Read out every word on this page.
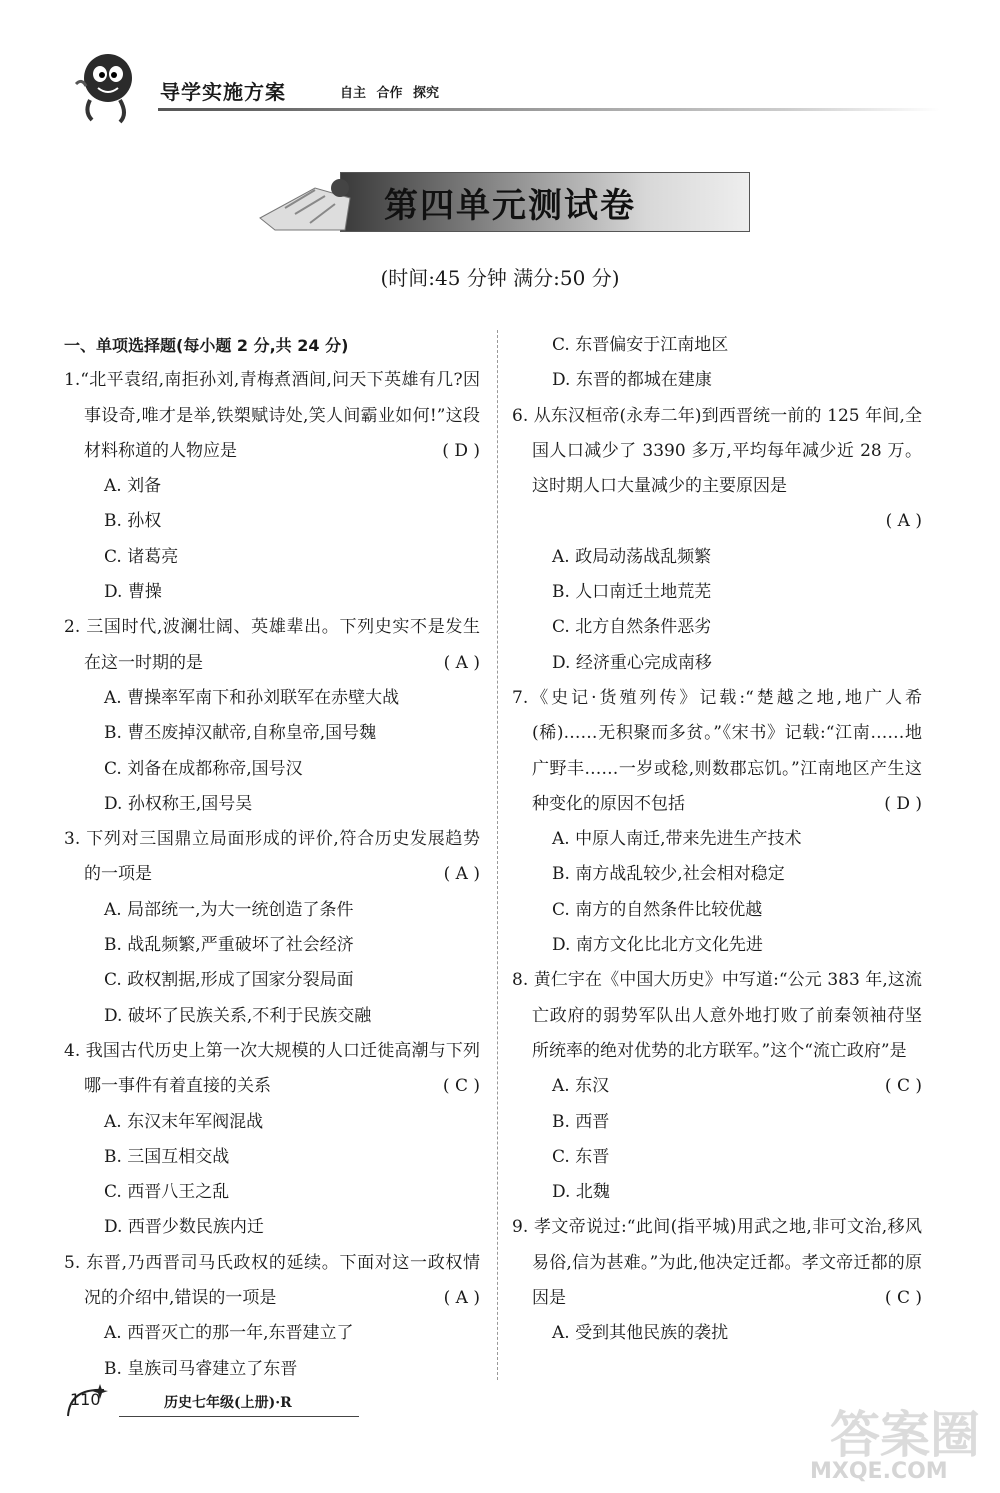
导学实施方案	自主 合作 探究
第四单元测试卷
(时间:45 分钟 满分:50 分)
一、单项选择题(每小题 2 分,共 24 分)
1.“北平袁绍,南拒孙刘,青梅煮酒间,问天下英雄有几?因事设奇,唯才是举,铁槊赋诗处,笑人间霸业如何!”这段材料称道的人物应是	( D )
A. 刘备
B. 孙权
C. 诸葛亮
D. 曹操
2. 三国时代,波澜壮阔、英雄辈出。下列史实不是发生在这一时期的是	( A )
A. 曹操率军南下和孙刘联军在赤壁大战
B. 曹丕废掉汉献帝,自称皇帝,国号魏
C. 刘备在成都称帝,国号汉
D. 孙权称王,国号吴
3. 下列对三国鼎立局面形成的评价,符合历史发展趋势的一项是	( A )
A. 局部统一,为大一统创造了条件
B. 战乱频繁,严重破坏了社会经济
C. 政权割据,形成了国家分裂局面
D. 破坏了民族关系,不利于民族交融
4. 我国古代历史上第一次大规模的人口迁徙高潮与下列哪一事件有着直接的关系	( C )
A. 东汉末年军阀混战
B. 三国互相交战
C. 西晋八王之乱
D. 西晋少数民族内迁
5. 东晋,乃西晋司马氏政权的延续。下面对这一政权情况的介绍中,错误的一项是	( A )
A. 西晋灭亡的那一年,东晋建立了
B. 皇族司马睿建立了东晋
C. 东晋偏安于江南地区
D. 东晋的都城在建康
6. 从东汉桓帝(永寿二年)到西晋统一前的 125 年间,全国人口减少了 3390 多万,平均每年减少近 28 万。这时期人口大量减少的主要原因是
( A )
A. 政局动荡战乱频繁
B. 人口南迁土地荒芜
C. 北方自然条件恶劣
D. 经济重心完成南移
7.《史记·货殖列传》记载:“楚越之地,地广人希(稀)……无积聚而多贫。”《宋书》记载:“江南……地广野丰……一岁或稔,则数郡忘饥。”江南地区产生这种变化的原因不包括	( D )
A. 中原人南迁,带来先进生产技术
B. 南方战乱较少,社会相对稳定
C. 南方的自然条件比较优越
D. 南方文化比北方文化先进
8. 黄仁宇在《中国大历史》中写道:“公元 383 年,这流亡政府的弱势军队出人意外地打败了前秦领袖苻坚所统率的绝对优势的北方联军。”这个“流亡政府”是
( C )
A. 东汉
B. 西晋
C. 东晋
D. 北魏
9. 孝文帝说过:“此间(指平城)用武之地,非可文治,移风易俗,信为甚难。”为此,他决定迁都。孝文帝迁都的原因是	( C )
A. 受到其他民族的袭扰
110	历史七年级(上册)·R
答案圈
MXQE.COM
